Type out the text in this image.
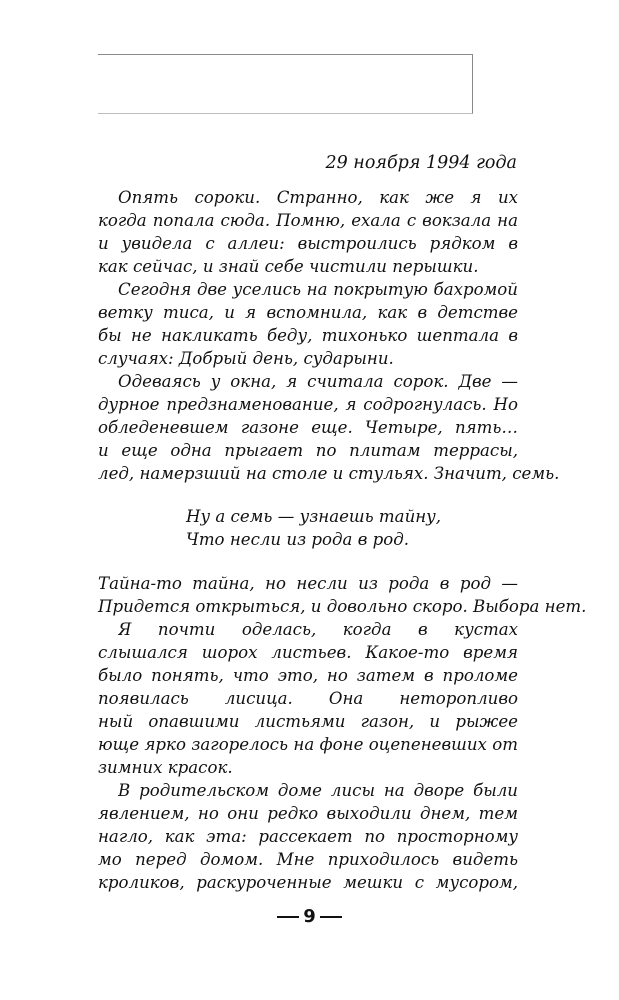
29 ноября 1994 года
Опять сороки. Странно, как же я их
когда попала сюда. Помню, ехала с вокзала на
и увидела с аллеи: выстроились рядком в
как сейчас, и знай себе чистили перышки.
Сегодня две уселись на покрытую бахромой
ветку тиса, и я вспомнила, как в детстве
бы не накликать беду, тихонько шептала в
случаях: Добрый день, сударыни.
Одеваясь у окна, я считала сорок. Две —
дурное предзнаменование, я содрогнулась. Но
обледеневшем газоне еще. Четыре, пять…
и еще одна прыгает по плитам террасы,
лед, намерзший на столе и стульях. Значит, семь.
Ну а семь — узнаешь тайну,
Что несли из рода в род.
Тайна-то тайна, но несли из рода в род —
Придется открыться, и довольно скоро. Выбора нет.
Я почти оделась, когда в кустах
слышался шорох листьев. Какое-то время
было понять, что это, но затем в проломе
появилась лисица. Она неторопливо
ный опавшими листьями газон, и рыжее
юще ярко загорелось на фоне оцепеневших от
зимних красок.
В родительском доме лисы на дворе были
явлением, но они редко выходили днем, тем
нагло, как эта: рассекает по просторному
мо перед домом. Мне приходилось видеть
кроликов, раскуроченные мешки с мусором,
9
